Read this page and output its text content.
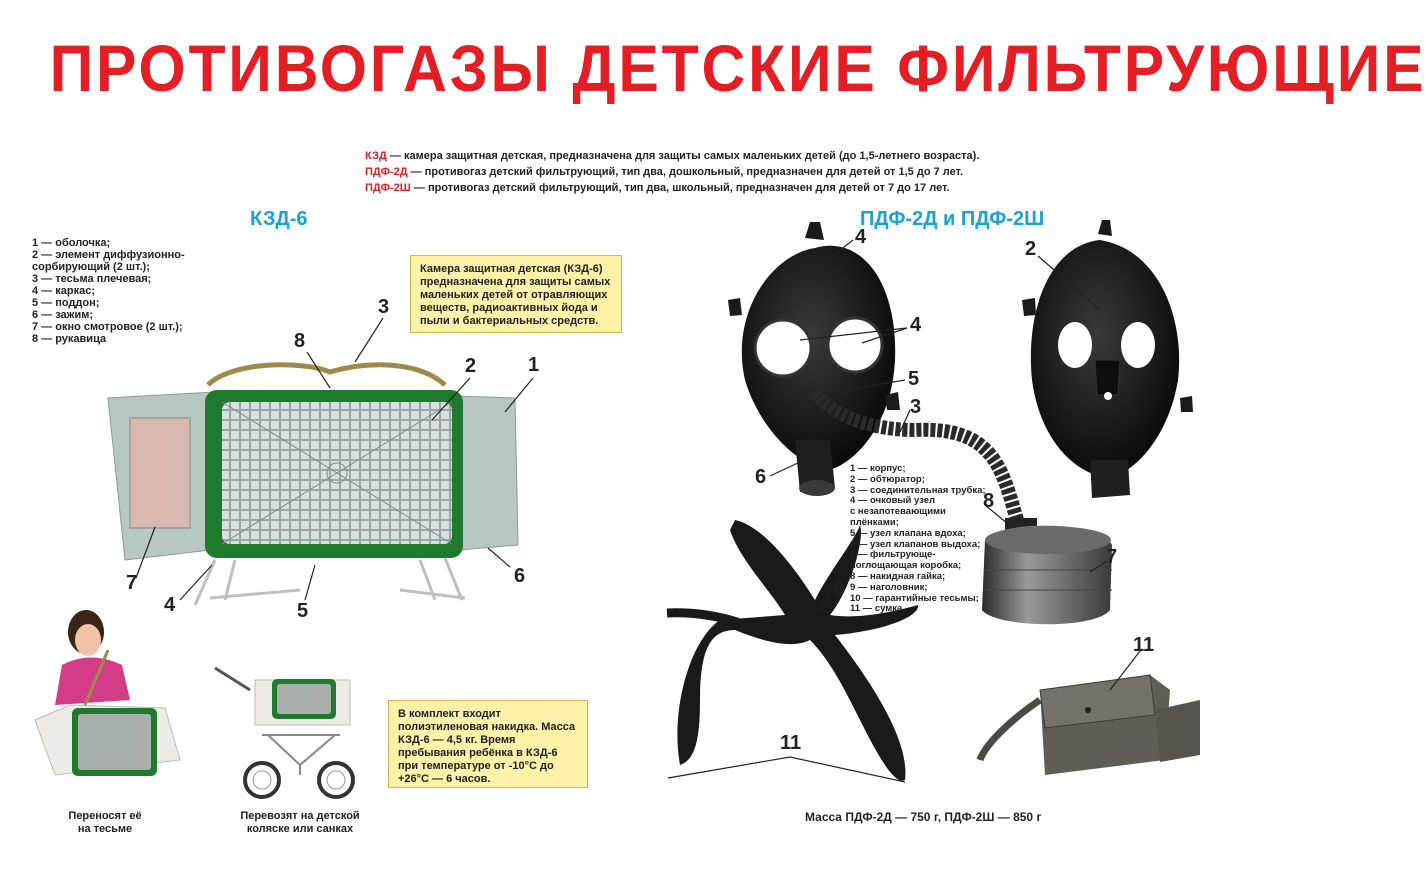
ПРОТИВОГАЗЫ ДЕТСКИЕ ФИЛЬТРУЮЩИЕ
КЗД — камера защитная детская, предназначена для защиты самых маленьких детей (до 1,5-летнего возраста).
ПДФ-2Д — противогаз детский фильтрующий, тип два, дошкольный, предназначен для детей от 1,5 до 7 лет.
ПДФ-2Ш — противогаз детский фильтрующий, тип два, школьный, предназначен для детей от 7 до 17 лет.
КЗД-6
1 — оболочка;
2 — элемент диффузионно-
сорбирующий (2 шт.);
3 — тесьма плечевая;
4 — каркас;
5 — поддон;
6 — зажим;
7 — окно смотровое (2 шт.);
8 — рукавица
Камера защитная детская (КЗД-6) предназначена для защиты самых маленьких детей от отравляющих веществ, радиоактивных йода и пыли и бактериальных средств.
1
2
3
4	5
6
7
8
Переносят её
на тесьме
Перевозят на детской
коляске или санках
В комплект входит полиэтиленовая накидка. Масса КЗД-6 — 4,5 кг. Время пребывания ребёнка в КЗД-6 при температуре от -10°C до +26°C — 6 часов.
ПДФ-2Д и ПДФ-2Ш
1 — корпус;
2 — обтюратор;
3 — соединительная трубка;
4 — очковый узел
с незапотевающими плёнками;
5 — узел клапана вдоха;
6 — узел клапанов выдоха;
7 — фильтрующе-
поглощающая коробка;
8 — накидная гайка;
9 — наголовник;
10 — гарантийные тесьмы;
11 — сумка.
4
4
5
3
6
2
8
7
9
11
11
Масса ПДФ-2Д — 750 г, ПДФ-2Ш — 850 г
